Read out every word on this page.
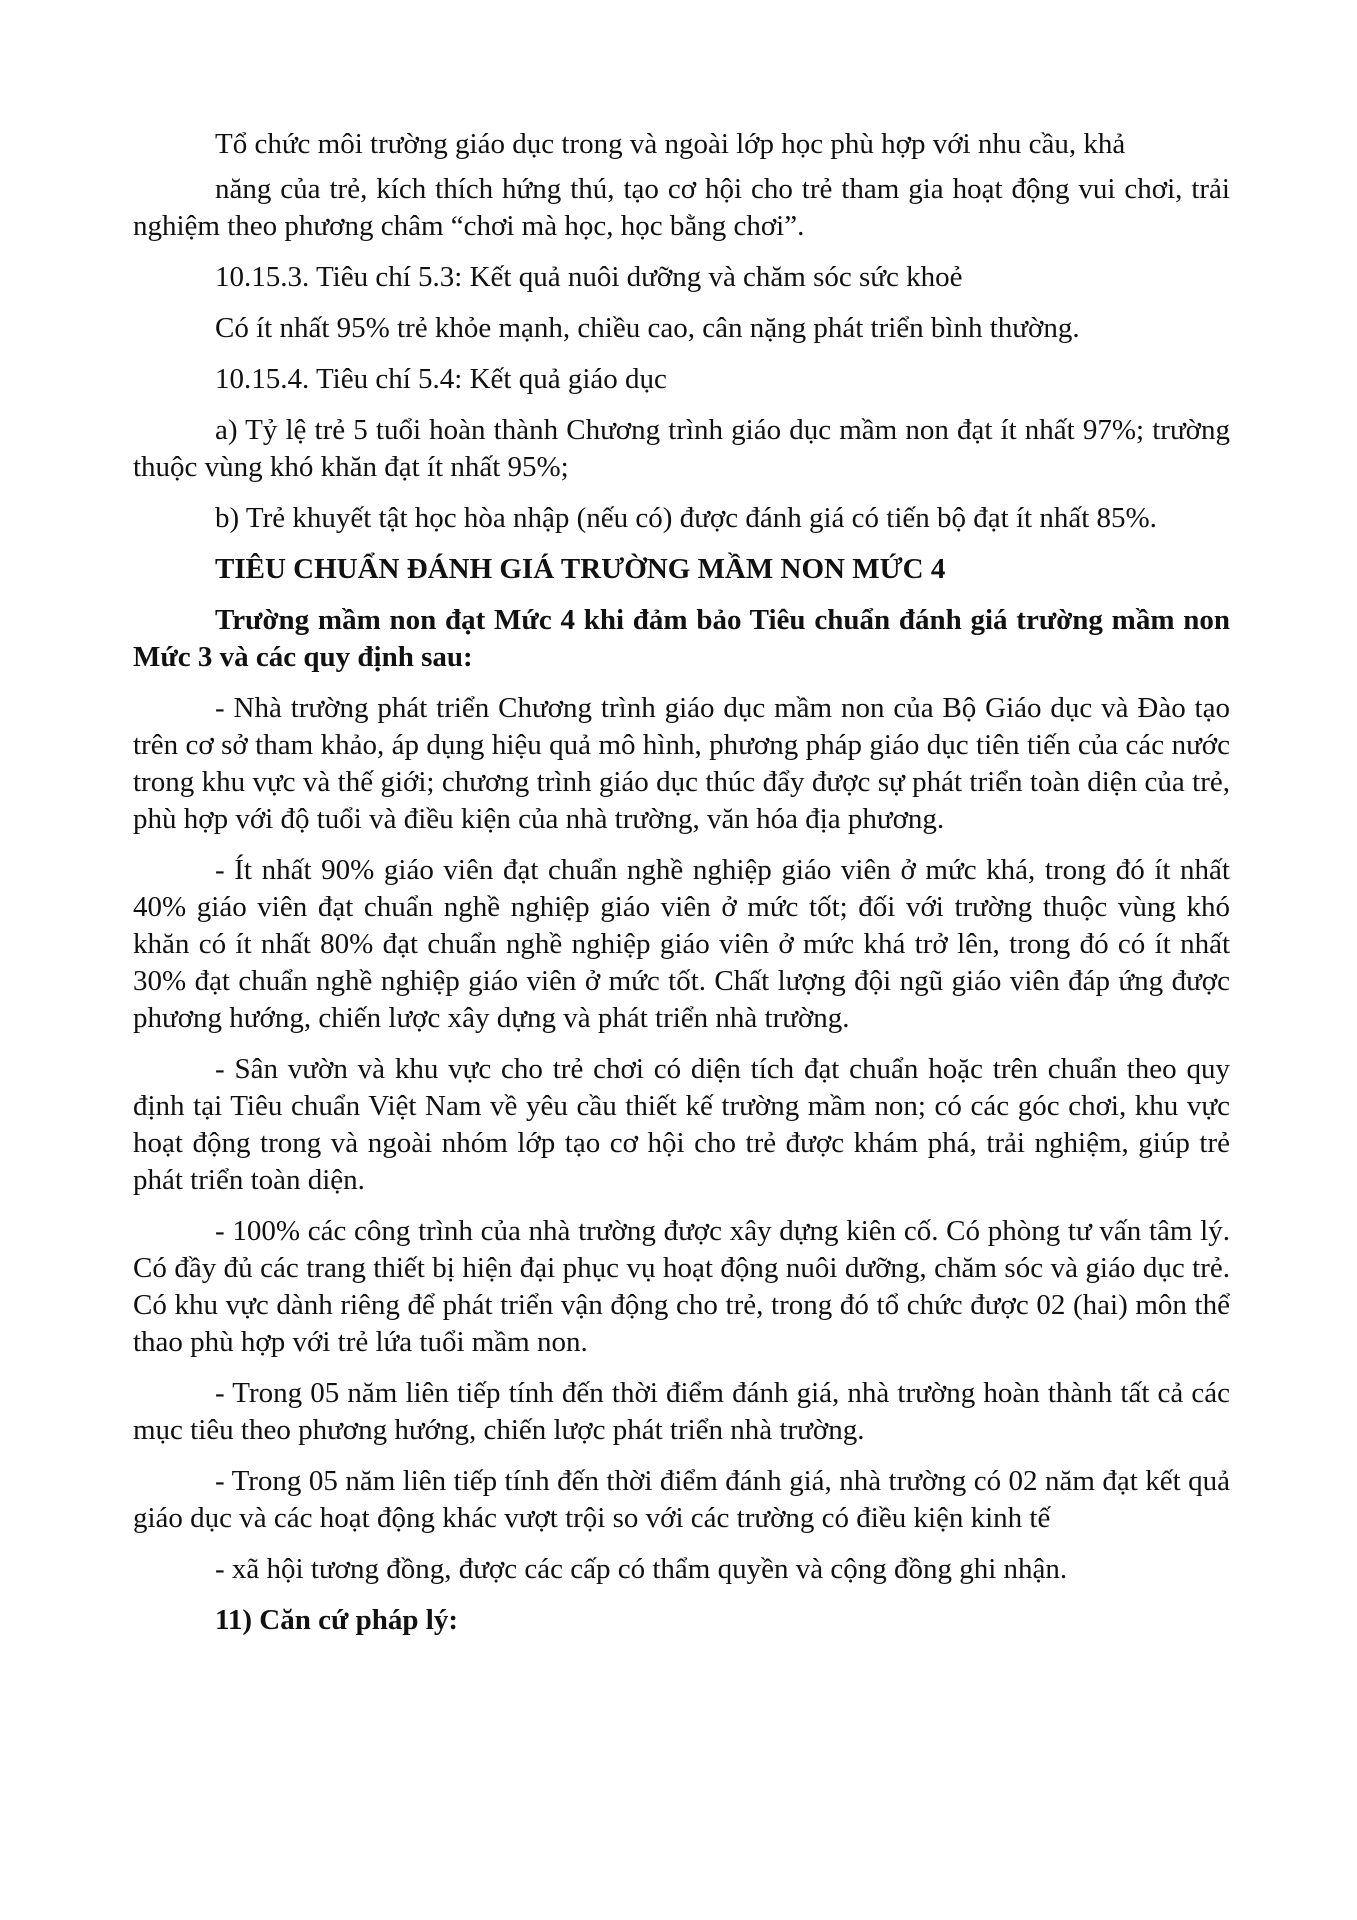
Tổ chức môi trường giáo dục trong và ngoài lớp học phù hợp với nhu cầu, khả

năng của trẻ, kích thích hứng thú, tạo cơ hội cho trẻ tham gia hoạt động vui chơi, trải nghiệm theo phương châm “chơi mà học, học bằng chơi”.

10.15.3. Tiêu chí 5.3: Kết quả nuôi dưỡng và chăm sóc sức khoẻ

Có ít nhất 95% trẻ khỏe mạnh, chiều cao, cân nặng phát triển bình thường.

10.15.4. Tiêu chí 5.4: Kết quả giáo dục

a) Tỷ lệ trẻ 5 tuổi hoàn thành Chương trình giáo dục mầm non đạt ít nhất 97%; trường thuộc vùng khó khăn đạt ít nhất 95%;

b) Trẻ khuyết tật học hòa nhập (nếu có) được đánh giá có tiến bộ đạt ít nhất 85%.

TIÊU CHUẨN ĐÁNH GIÁ TRƯỜNG MẦM NON MỨC 4

Trường mầm non đạt Mức 4 khi đảm bảo Tiêu chuẩn đánh giá trường mầm non Mức 3 và các quy định sau:

- Nhà trường phát triển Chương trình giáo dục mầm non của Bộ Giáo dục và Đào tạo trên cơ sở tham khảo, áp dụng hiệu quả mô hình, phương pháp giáo dục tiên tiến của các nước trong khu vực và thế giới; chương trình giáo dục thúc đẩy được sự phát triển toàn diện của trẻ, phù hợp với độ tuổi và điều kiện của nhà trường, văn hóa địa phương.

- Ít nhất 90% giáo viên đạt chuẩn nghề nghiệp giáo viên ở mức khá, trong đó ít nhất 40% giáo viên đạt chuẩn nghề nghiệp giáo viên ở mức tốt; đối với trường thuộc vùng khó khăn có ít nhất 80% đạt chuẩn nghề nghiệp giáo viên ở mức khá trở lên, trong đó có ít nhất 30% đạt chuẩn nghề nghiệp giáo viên ở mức tốt. Chất lượng đội ngũ giáo viên đáp ứng được phương hướng, chiến lược xây dựng và phát triển nhà trường.

- Sân vườn và khu vực cho trẻ chơi có diện tích đạt chuẩn hoặc trên chuẩn theo quy định tại Tiêu chuẩn Việt Nam về yêu cầu thiết kế trường mầm non; có các góc chơi, khu vực hoạt động trong và ngoài nhóm lớp tạo cơ hội cho trẻ được khám phá, trải nghiệm, giúp trẻ phát triển toàn diện.

- 100% các công trình của nhà trường được xây dựng kiên cố. Có phòng tư vấn tâm lý. Có đầy đủ các trang thiết bị hiện đại phục vụ hoạt động nuôi dưỡng, chăm sóc và giáo dục trẻ. Có khu vực dành riêng để phát triển vận động cho trẻ, trong đó tổ chức được 02 (hai) môn thể thao phù hợp với trẻ lứa tuổi mầm non.

- Trong 05 năm liên tiếp tính đến thời điểm đánh giá, nhà trường hoàn thành tất cả các mục tiêu theo phương hướng, chiến lược phát triển nhà trường.

- Trong 05 năm liên tiếp tính đến thời điểm đánh giá, nhà trường có 02 năm đạt kết quả giáo dục và các hoạt động khác vượt trội so với các trường có điều kiện kinh tế

- xã hội tương đồng, được các cấp có thẩm quyền và cộng đồng ghi nhận.

11) Căn cứ pháp lý:
